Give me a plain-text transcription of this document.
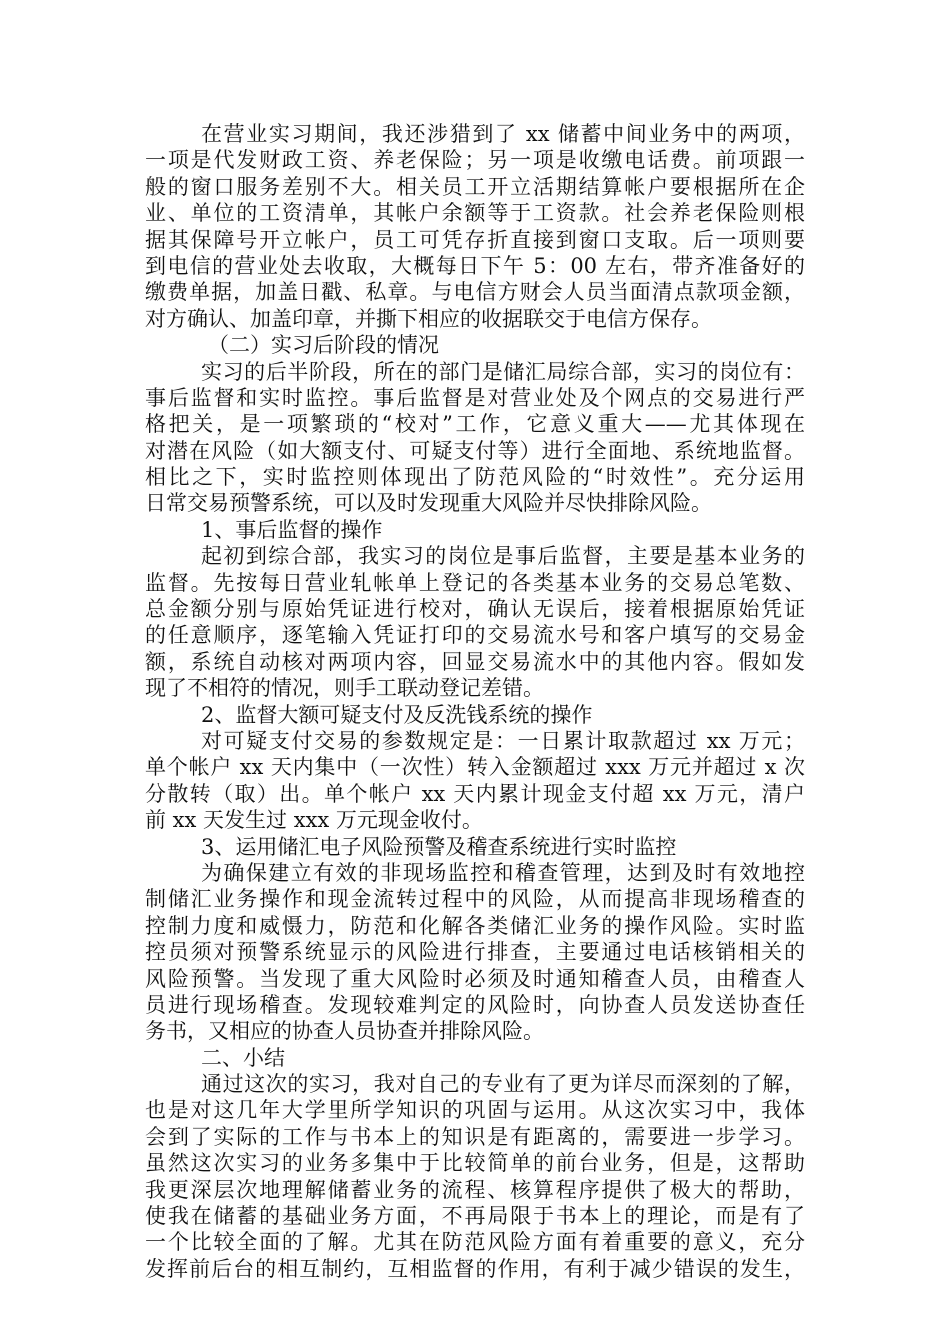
在营业实习期间，我还涉猎到了 xx 储蓄中间业务中的两项，
一项是代发财政工资、养老保险；另一项是收缴电话费。前项跟一
般的窗口服务差别不大。相关员工开立活期结算帐户要根据所在企
业、单位的工资清单，其帐户余额等于工资款。社会养老保险则根
据其保障号开立帐户，员工可凭存折直接到窗口支取。后一项则要
到电信的营业处去收取，大概每日下午 5：00 左右，带齐准备好的
缴费单据，加盖日戳、私章。与电信方财会人员当面清点款项金额，
对方确认、加盖印章，并撕下相应的收据联交于电信方保存。
（二）实习后阶段的情况
实习的后半阶段，所在的部门是储汇局综合部，实习的岗位有：
事后监督和实时监控。事后监督是对营业处及个网点的交易进行严
格把关，是一项繁琐的“校对”工作，它意义重大——尤其体现在
对潜在风险（如大额支付、可疑支付等）进行全面地、系统地监督。
相比之下，实时监控则体现出了防范风险的“时效性”。充分运用
日常交易预警系统，可以及时发现重大风险并尽快排除风险。
1、事后监督的操作
起初到综合部，我实习的岗位是事后监督，主要是基本业务的
监督。先按每日营业轧帐单上登记的各类基本业务的交易总笔数、
总金额分别与原始凭证进行校对，确认无误后，接着根据原始凭证
的任意顺序，逐笔输入凭证打印的交易流水号和客户填写的交易金
额，系统自动核对两项内容，回显交易流水中的其他内容。假如发
现了不相符的情况，则手工联动登记差错。
2、监督大额可疑支付及反洗钱系统的操作
对可疑支付交易的参数规定是：一日累计取款超过 xx 万元；
单个帐户 xx 天内集中（一次性）转入金额超过 xxx 万元并超过 x 次
分散转（取）出。单个帐户 xx 天内累计现金支付超 xx 万元，清户
前 xx 天发生过 xxx 万元现金收付。
3、运用储汇电子风险预警及稽查系统进行实时监控
为确保建立有效的非现场监控和稽查管理，达到及时有效地控
制储汇业务操作和现金流转过程中的风险，从而提高非现场稽查的
控制力度和威慑力，防范和化解各类储汇业务的操作风险。实时监
控员须对预警系统显示的风险进行排查，主要通过电话核销相关的
风险预警。当发现了重大风险时必须及时通知稽查人员，由稽查人
员进行现场稽查。发现较难判定的风险时，向协查人员发送协查任
务书，又相应的协查人员协查并排除风险。
二、小结
通过这次的实习，我对自己的专业有了更为详尽而深刻的了解，
也是对这几年大学里所学知识的巩固与运用。从这次实习中，我体
会到了实际的工作与书本上的知识是有距离的，需要进一步学习。
虽然这次实习的业务多集中于比较简单的前台业务，但是，这帮助
我更深层次地理解储蓄业务的流程、核算程序提供了极大的帮助，
使我在储蓄的基础业务方面，不再局限于书本上的理论，而是有了
一个比较全面的了解。尤其在防范风险方面有着重要的意义，充分
发挥前后台的相互制约，互相监督的作用，有利于减少错误的发生，
